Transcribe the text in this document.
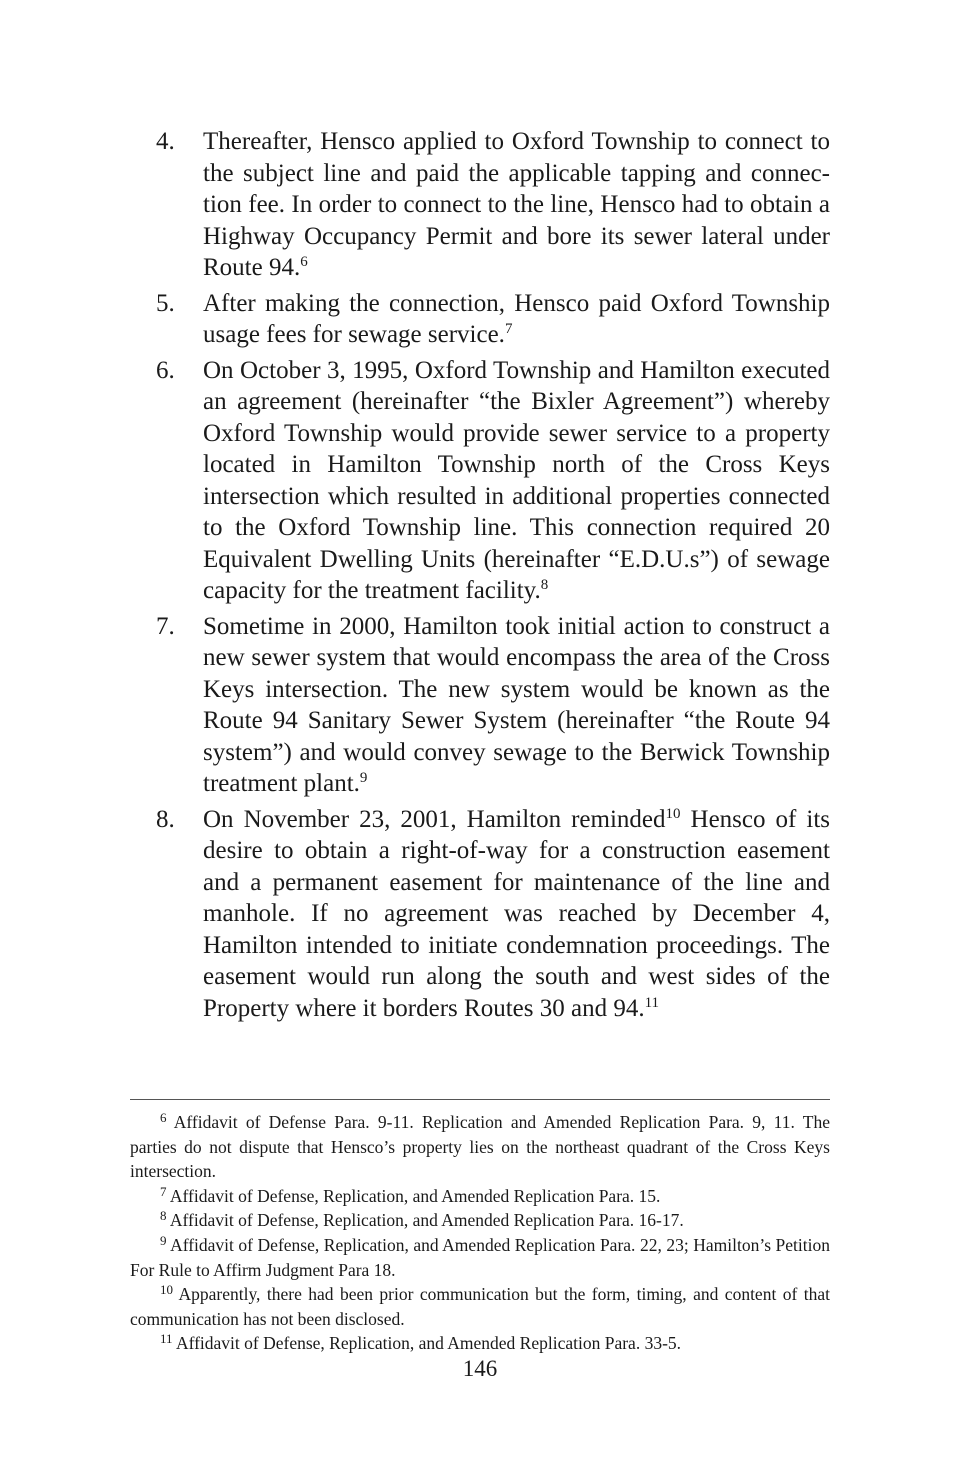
4.	Thereafter, Hensco applied to Oxford Township to connect to the subject line and paid the applicable tapping and connection fee. In order to connect to the line, Hensco had to obtain a Highway Occupancy Permit and bore its sewer lateral under Route 94.$^6$
5.	After making the connection, Hensco paid Oxford Township usage fees for sewage service.$^7$
6.	On October 3, 1995, Oxford Township and Hamilton executed an agreement (hereinafter “the Bixler Agreement”) whereby Oxford Township would provide sewer service to a property located in Hamilton Township north of the Cross Keys intersection which resulted in additional properties connected to the Oxford Township line. This connection required 20 Equivalent Dwelling Units (hereinafter “E.D.U.s”) of sewage capacity for the treatment facility.$^8$
7.	Sometime in 2000, Hamilton took initial action to construct a new sewer system that would encompass the area of the Cross Keys intersection. The new system would be known as the Route 94 Sanitary Sewer System (hereinafter “the Route 94 system”) and would convey sewage to the Berwick Township treatment plant.$^9$
8.	On November 23, 2001, Hamilton reminded$^{10}$ Hensco of its desire to obtain a right-of-way for a construction easement and a permanent easement for maintenance of the line and manhole. If no agreement was reached by December 4, Hamilton intended to initiate condemnation proceedings. The easement would run along the south and west sides of the Property where it borders Routes 30 and 94.11

$^6$ Affidavit of Defense Para. 9-11. Replication and Amended Replication Para. 9, 11. The parties do not dispute that Hensco’s property lies on the northeast quadrant of the Cross Keys intersection.

$^7$ Affidavit of Defense, Replication, and Amended Replication Para. 15.

$^8$ Affidavit of Defense, Replication, and Amended Replication Para. 16-17.

$^9$ Affidavit of Defense, Replication, and Amended Replication Para. 22, 23; Hamilton’s Petition For Rule to Affirm Judgment Para 18.

$^{10}$ Apparently, there had been prior communication but the form, timing, and content of that communication has not been disclosed.

$^{11}$ Affidavit of Defense, Replication, and Amended Replication Para. 33-5.

146
